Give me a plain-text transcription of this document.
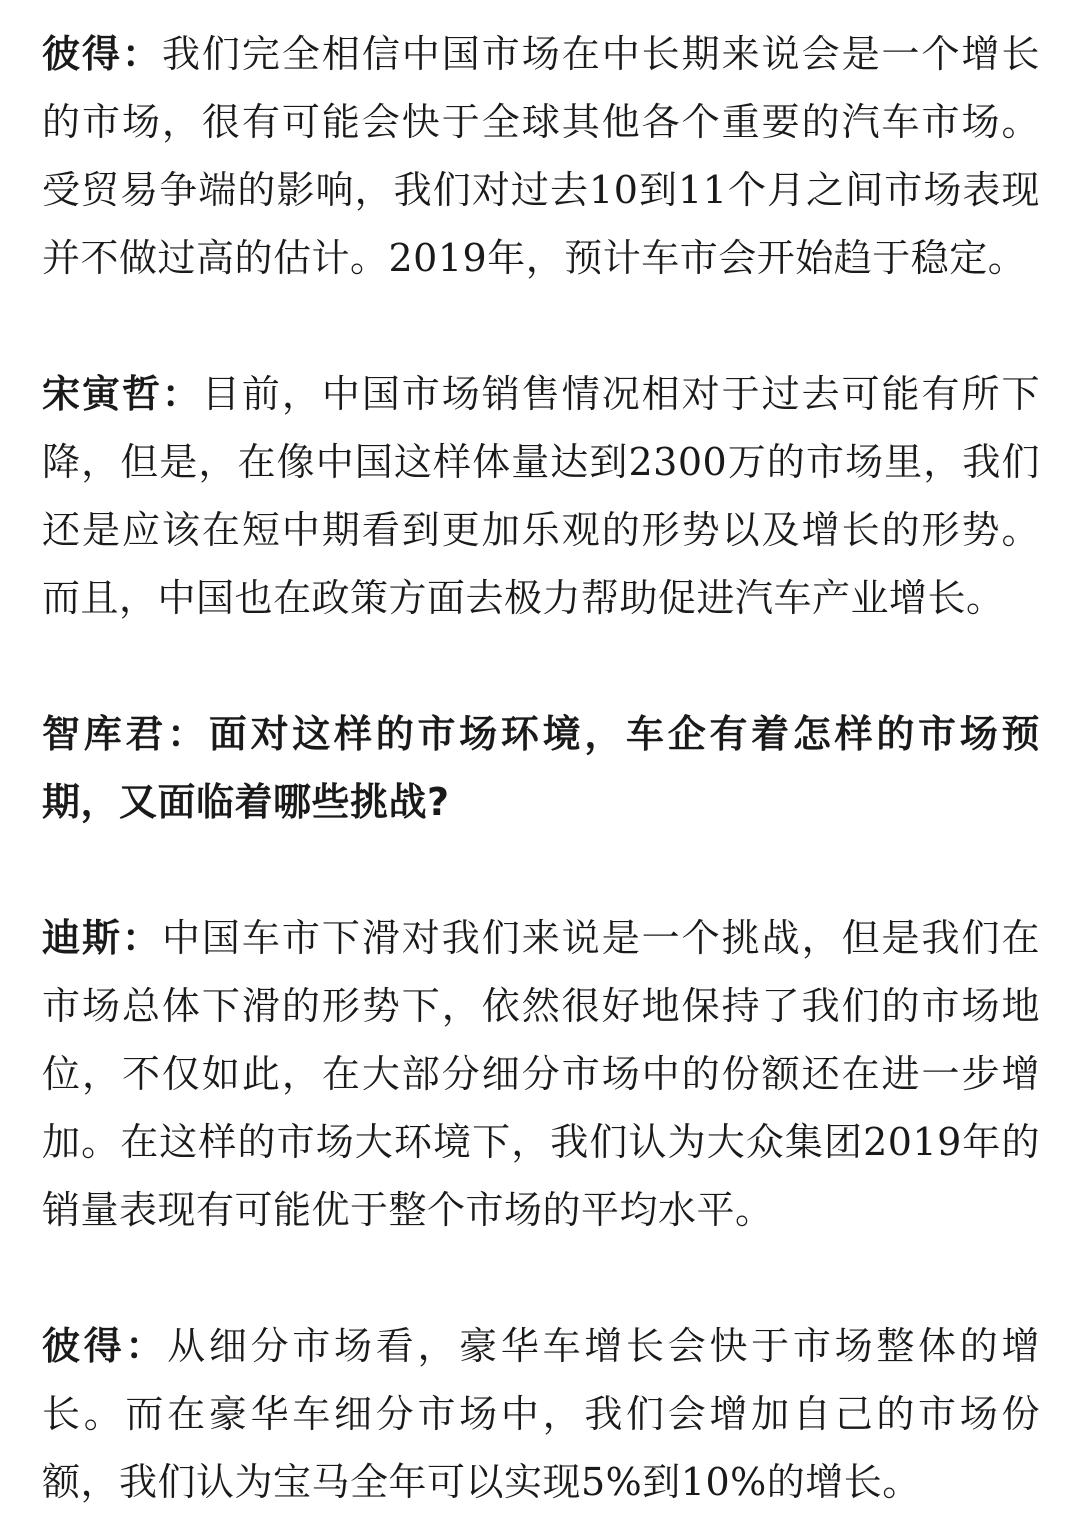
彼得：我们完全相信中国市场在中长期来说会是一个增长的市场，很有可能会快于全球其他各个重要的汽车市场。受贸易争端的影响，我们对过去10到11个月之间市场表现并不做过高的估计。2019年，预计车市会开始趋于稳定。

宋寅哲：目前，中国市场销售情况相对于过去可能有所下降，但是，在像中国这样体量达到2300万的市场里，我们还是应该在短中期看到更加乐观的形势以及增长的形势。而且，中国也在政策方面去极力帮助促进汽车产业增长。

智库君：面对这样的市场环境，车企有着怎样的市场预期，又面临着哪些挑战?

迪斯：中国车市下滑对我们来说是一个挑战，但是我们在市场总体下滑的形势下，依然很好地保持了我们的市场地位，不仅如此，在大部分细分市场中的份额还在进一步增加。在这样的市场大环境下，我们认为大众集团2019年的销量表现有可能优于整个市场的平均水平。

彼得：从细分市场看，豪华车增长会快于市场整体的增长。而在豪华车细分市场中，我们会增加自己的市场份额，我们认为宝马全年可以实现5%到10%的增长。
